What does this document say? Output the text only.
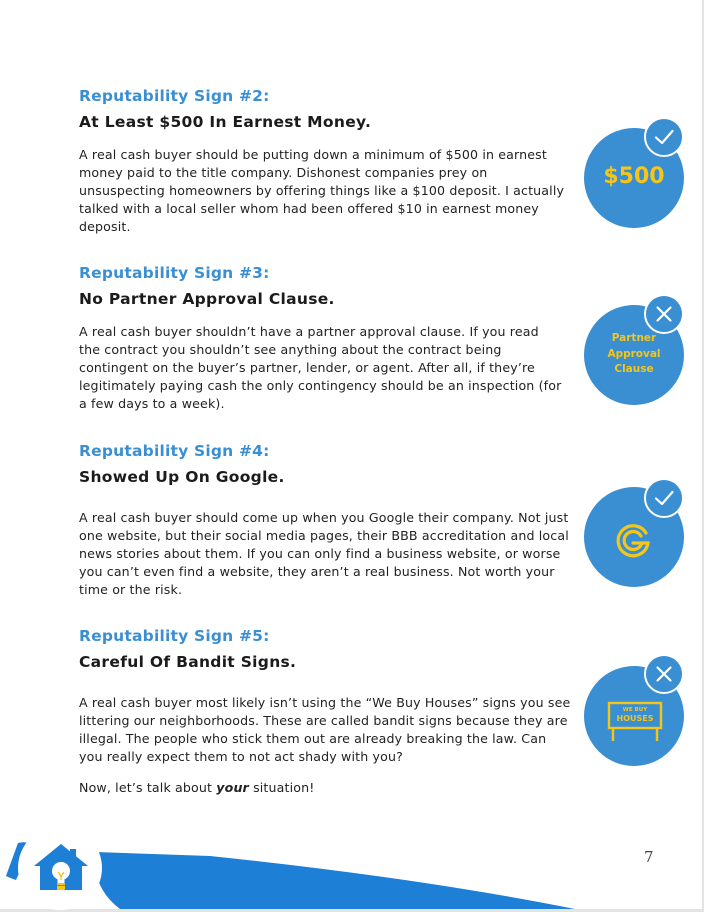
Reputability Sign #2:

At Least $500 In Earnest Money.

A real cash buyer should be putting down a minimum of $500 in earnest money paid to the title company. Dishonest companies prey on unsuspecting homeowners by offering things like a $100 deposit. I actually talked with a local seller whom had been offered $10 in earnest money deposit.

Reputability Sign #3:

No Partner Approval Clause.

A real cash buyer shouldn’t have a partner approval clause. If you read the contract you shouldn’t see anything about the contract being contingent on the buyer’s partner, lender, or agent. After all, if they’re legitimately paying cash the only contingency should be an inspection (for a few days to a week).

Reputability Sign #4:

Showed Up On Google.

A real cash buyer should come up when you Google their company. Not just one website, but their social media pages, their BBB accreditation and local news stories about them. If you can only find a business website, or worse you can’t even find a website, they aren’t a real business. Not worth your time or the risk.

Reputability Sign #5:

Careful Of Bandit Signs.

A real cash buyer most likely isn’t using the “We Buy Houses” signs you see littering our neighborhoods. These are called bandit signs because they are illegal. The people who stick them out are already breaking the law. Can you really expect them to not act shady with you?

Now, let’s talk about your situation!

$500
Partner
Approval
Clause
WE BUY
HOUSES
7
